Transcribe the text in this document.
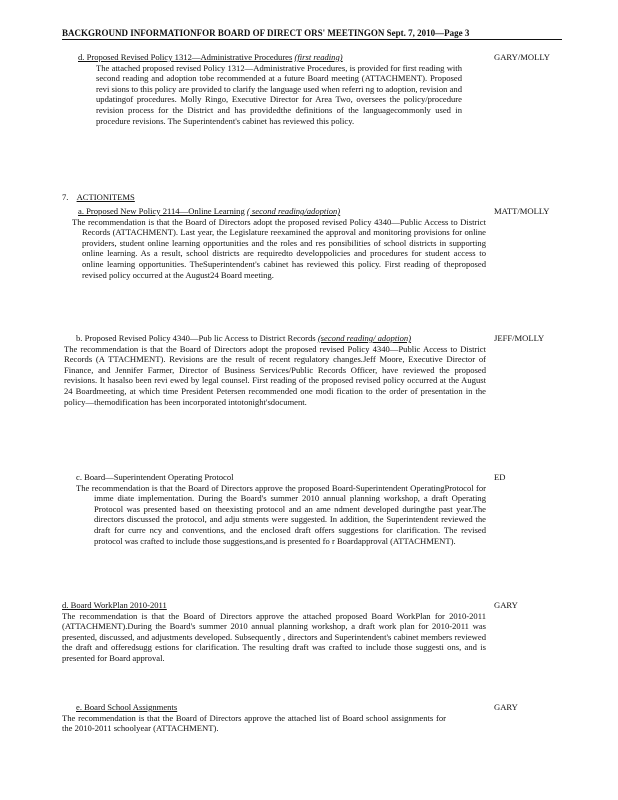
BACKGROUND INFORMATIONFOR BOARD OF DIRECT ORS' MEETINGON Sept. 7, 2010—Page 3
d. Proposed Revised Policy 1312—Administrative Procedures (first reading)
The attached proposed revised Policy 1312—Administrative Procedures, is provided for first reading with second reading and adoption tobe recommended at a future Board meeting (ATTACHMENT). Proposed revi sions to this policy are provided to clarify the language used when referri ng to adoption, revision and updatingof procedures. Molly Ringo, Executive Director for Area Two, oversees the policy/procedure revision process for the District and has providedthe definitions of the languagecommonly used in procedure revisions. The Superintendent's cabinet has reviewed this policy.
GARY/MOLLY
7. ACTIONITEMS
a. Proposed New Policy 2114—Online Learning ( second reading/adoption)
The recommendation is that the Board of Directors adopt the proposed revised Policy 4340—Public Access to District Records (ATTACHMENT). Last year, the Legislature reexamined the approval and monitoring provisions for online providers, student online learning opportunities and the roles and res ponsibilities of school districts in supporting online learning. As a result, school districts are requiredto developpolicies and procedures for student access to online learning opportunities. TheSuperintendent's cabinet has reviewed this policy. First reading of theproposed revised policy occurred at the August24 Board meeting.
MATT/MOLLY
b. Proposed Revised Policy 4340—Pub lic Access to District Records (second reading/ adoption)
The recommendation is that the Board of Directors adopt the proposed revised Policy 4340—Public Access to District Records (A TTACHMENT). Revisions are the result of recent regulatory changes.Jeff Moore, Executive Director of Finance, and Jennifer Farmer, Director of Business Services/Public Records Officer, have reviewed the proposed revisions. It hasalso been revi ewed by legal counsel. First reading of the proposed revised policy occurred at the August 24 Boardmeeting, at which time President Petersen recommended one modi fication to the order of presentation in the policy—themodification has been incorporated intotonight'sdocument.
JEFF/MOLLY
c. Board—Superintendent Operating Protocol
The recommendation is that the Board of Directors approve the proposed Board-Superintendent OperatingProtocol for imme diate implementation. During the Board's summer 2010 annual planning workshop, a draft Operating Protocol was presented based on theexisting protocol and an ame ndment developed duringthe past year.The directors discussed the protocol, and adju stments were suggested. In addition, the Superintendent reviewed the draft for curre ncy and conventions, and the enclosed draft offers suggestions for clarification. The revised protocol was crafted to include those suggestions,and is presented fo r Boardapproval (ATTACHMENT).
ED
d. Board WorkPlan 2010-2011
The recommendation is that the Board of Directors approve the attached proposed Board WorkPlan for 2010-2011 (ATTACHMENT).During the Board's summer 2010 annual planning workshop, a draft work plan for 2010-2011 was presented, discussed, and adjustments developed. Subsequently , directors and Superintendent's cabinet members reviewed the draft and offeredsugg estions for clarification. The resulting draft was crafted to include those suggesti ons, and is presented for Board approval.
GARY
e. Board School Assignments
The recommendation is that the Board of Directors approve the attached list of Board school assignments for the 2010-2011 schoolyear (ATTACHMENT).
GARY
